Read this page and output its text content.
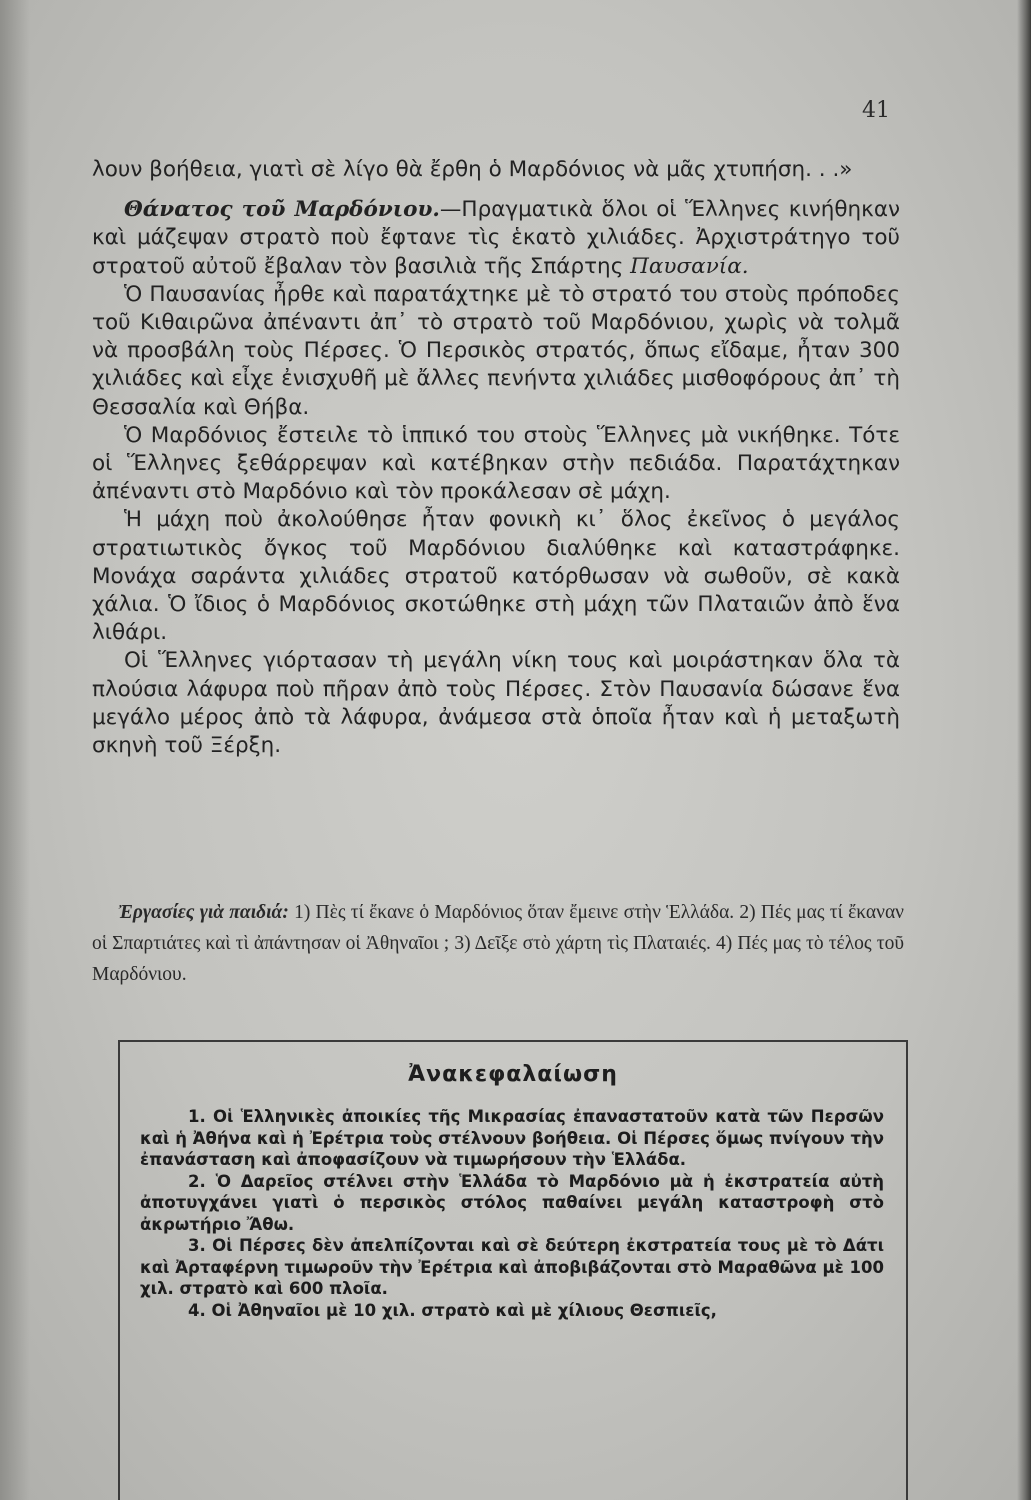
41

λουν βοήθεια, γιατὶ σὲ λίγο θὰ ἔρθη ὁ Μαρδόνιος νὰ μᾶς χτυπήση. . .»

Θάνατος τοῦ Μαρδόνιου.—Πραγματικὰ ὅλοι οἱ Ἕλληνες κινήθηκαν καὶ μάζεψαν στρατὸ ποὺ ἔφτανε τὶς ἑκατὸ χιλιάδες. Ἀρχιστράτηγο τοῦ στρατοῦ αὐτοῦ ἔβαλαν τὸν βασιλιὰ τῆς Σπάρτης Παυσανία.

Ὁ Παυσανίας ἦρθε καὶ παρατάχτηκε μὲ τὸ στρατό του στοὺς πρόποδες τοῦ Κιθαιρῶνα ἀπέναντι ἀπ᾿ τὸ στρατὸ τοῦ Μαρδόνιου, χωρὶς νὰ τολμᾶ νὰ προσβάλη τοὺς Πέρσες. Ὁ Περσικὸς στρατός, ὅπως εἴδαμε, ἦταν 300 χιλιάδες καὶ εἶχε ἐνισχυθῆ μὲ ἄλλες πενήντα χιλιάδες μισθοφόρους ἀπ᾿ τὴ Θεσσαλία καὶ Θήβα.

Ὁ Μαρδόνιος ἔστειλε τὸ ἱππικό του στοὺς Ἕλληνες μὰ νικήθηκε. Τότε οἱ Ἕλληνες ξεθάρρεψαν καὶ κατέβηκαν στὴν πεδιάδα. Παρατάχτηκαν ἀπέναντι στὸ Μαρδόνιο καὶ τὸν προκάλεσαν σὲ μάχη.

Ἡ μάχη ποὺ ἀκολούθησε ἦταν φονικὴ κι᾿ ὅλος ἐκεῖνος ὁ μεγάλος στρατιωτικὸς ὄγκος τοῦ Μαρδόνιου διαλύθηκε καὶ καταστράφηκε. Μονάχα σαράντα χιλιάδες στρατοῦ κατόρθωσαν νὰ σωθοῦν, σὲ κακὰ χάλια. Ὁ ἴδιος ὁ Μαρδόνιος σκοτώθηκε στὴ μάχη τῶν Πλαταιῶν ἀπὸ ἕνα λιθάρι.

Οἱ Ἕλληνες γιόρτασαν τὴ μεγάλη νίκη τους καὶ μοιράστηκαν ὅλα τὰ πλούσια λάφυρα ποὺ πῆραν ἀπὸ τοὺς Πέρσες. Στὸν Παυσανία δώσανε ἕνα μεγάλο μέρος ἀπὸ τὰ λάφυρα, ἀνάμεσα στὰ ὁποῖα ἦταν καὶ ἡ μεταξωτὴ σκηνὴ τοῦ Ξέρξη.

Ἐργασίες γιὰ παιδιά: 1) Πὲς τί ἔκανε ὁ Μαρδόνιος ὅταν ἔμεινε στὴν Ἑλλάδα. 2) Πές μας τί ἔκαναν οἱ Σπαρτιάτες καὶ τὶ ἀπάντησαν οἱ Ἀθηναῖοι ; 3) Δεῖξε στὸ χάρτη τὶς Πλαταιές. 4) Πές μας τὸ τέλος τοῦ Μαρδόνιου.
Ἀνακεφαλαίωση

1. Οἱ Ἑλληνικὲς ἀποικίες τῆς Μικρασίας ἐπαναστατοῦν κατὰ τῶν Περσῶν καὶ ἡ Ἀθήνα καὶ ἡ Ἐρέτρια τοὺς στέλνουν βοήθεια. Οἱ Πέρσες ὅμως πνίγουν τὴν ἐπανάσταση καὶ ἀποφασίζουν νὰ τιμωρήσουν τὴν Ἑλλάδα.

2. Ὁ Δαρεῖος στέλνει στὴν Ἑλλάδα τὸ Μαρδόνιο μὰ ἡ ἐκστρατεία αὐτὴ ἀποτυγχάνει γιατὶ ὁ περσικὸς στόλος παθαίνει μεγάλη καταστροφὴ στὸ ἀκρωτήριο Ἄθω.

3. Οἱ Πέρσες δὲν ἀπελπίζονται καὶ σὲ δεύτερη ἐκστρατεία τους μὲ τὸ Δάτι καὶ Ἀρταφέρνη τιμωροῦν τὴν Ἐρέτρια καὶ ἀποβιβάζονται στὸ Μαραθῶνα μὲ 100 χιλ. στρατὸ καὶ 600 πλοῖα.

4. Οἱ Ἀθηναῖοι μὲ 10 χιλ. στρατὸ καὶ μὲ χίλιους Θεσπιεῖς,
